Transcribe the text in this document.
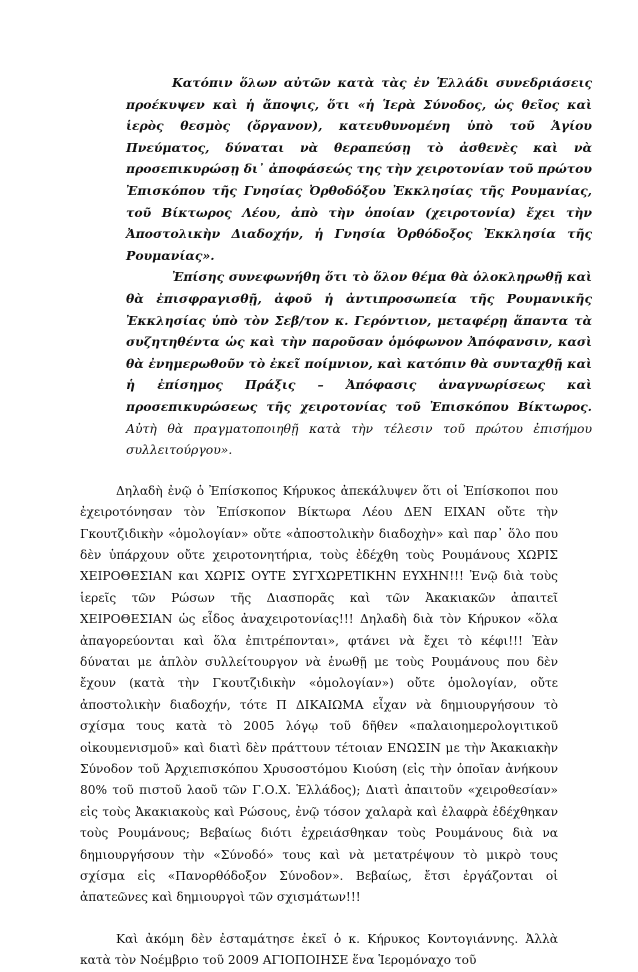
Κατόπιν ὅλων αὐτῶν κατὰ τὰς ἐν Ἑλλάδι συνεδριάσεις προέκυψεν καὶ ἡ ἄποψις, ὅτι «ἡ Ἱερὰ Σύνοδος, ὡς θεῖος καὶ ἱερὸς θεσμὸς (ὄργανον), κατευθυνομένη ὑπὸ τοῦ Ἁγίου Πνεύματος, δύναται νὰ θεραπεύσῃ τὸ ἀσθενὲς καὶ νὰ προσεπικυρώσῃ δι᾽ ἀποφάσεώς της τὴν χειροτονίαν τοῦ πρώτου Ἐπισκόπου τῆς Γνησίας Ὀρθοδόξου Ἐκκλησίας τῆς Ρουμανίας, τοῦ Βίκτωρος Λέου, ἀπὸ τὴν ὁποίαν (χειροτονία) ἔχει τὴν Ἀποστολικὴν Διαδοχήν, ἡ Γνησία Ὀρθόδοξος Ἐκκλησία τῆς Ρουμανίας».

Ἐπίσης συνεφωνήθη ὅτι τὸ ὅλον θέμα θὰ ὁλοκληρωθῇ καὶ θὰ ἐπισφραγισθῇ, ἀφοῦ ἡ ἀντιπροσωπεία τῆς Ρουμανικῆς Ἐκκλησίας ὑπὸ τὸν Σεβ/τον κ. Γερόντιον, μεταφέρῃ ἅπαντα τὰ συζητηθέντα ὡς καὶ τὴν παροῦσαν ὁμόφωνον Ἀπόφανσιν, κασὶ θὰ ἐνημερωθοῦν τὸ ἐκεῖ ποίμνιον, καὶ κατόπιν θὰ συνταχθῇ καὶ ἡ ἐπίσημος Πράξις – Ἀπόφασις ἀναγνωρίσεως καὶ προσεπικυρώσεως τῆς χειροτονίας τοῦ Ἐπισκόπου Βίκτωρος. Αὐτὴ θὰ πραγματοποιηθῇ κατὰ τὴν τέλεσιν τοῦ πρώτου ἐπισήμου συλλειτούργου».

Δηλαδὴ ἐνῷ ὁ Ἐπίσκοπος Κήρυκος ἀπεκάλυψεν ὅτι οἱ Ἐπίσκοποι που ἐχειροτόνησαν τὸν Ἐπίσκοπον Βίκτωρα Λέου ΔΕΝ ΕΙΧΑΝ οὔτε τὴν Γκουτζιδικὴν «ὁμολογίαν» οὔτε «ἀποστολικὴν διαδοχὴν» καὶ παρ᾽ ὅλο που δὲν ὑπάρχουν οὔτε χειροτονητήρια, τοὺς ἐδέχθη τοὺς Ρουμάνους ΧΩΡΙΣ ΧΕΙΡΟΘΕΣΙΑΝ και ΧΩΡΙΣ ΟΥΤΕ ΣΥΓΧΩΡΕΤΙΚΗΝ ΕΥΧΗΝ!!! Ἐνῷ διὰ τοὺς ἱερεῖς τῶν Ρώσων τῆς Διασπορᾶς καὶ τῶν Ἀκακιακῶν ἀπαιτεῖ ΧΕΙΡΟΘΕΣΙΑΝ ὡς εἶδος ἀναχειροτονίας!!! Δηλαδὴ διὰ τὸν Κήρυκον «ὅλα ἀπαγορεύονται καὶ ὅλα ἐπιτρέπονται», φτάνει νὰ ἔχει τὸ κέφι!!! Ἐὰν δύναται με ἁπλὸν συλλείτουργον νὰ ἑνωθῇ με τοὺς Ρουμάνους που δὲν ἔχουν (κατὰ τὴν Γκουτζιδικὴν «ὁμολογίαν») οὔτε ὁμολογίαν, οὔτε ἀποστολικὴν διαδοχήν, τότε Π ΔΙΚΑΙΩΜΑ εἶχαν νὰ δημιουργήσουν τὸ σχίσμα τους κατὰ τὸ 2005 λόγῳ τοῦ δῆθεν «παλαιοημερολογιτικοῦ οἰκουμενισμοῦ» καὶ διατὶ δὲν πράττουν τέτοιαν ΕΝΩΣΙΝ με τὴν Ἀκακιακὴν Σύνοδον τοῦ Ἀρχιεπισκόπου Χρυσοστόμου Κιούση (εἰς τὴν ὁποῖαν ἀνήκουν 80% τοῦ πιστοῦ λαοῦ τῶν Γ.Ο.Χ. Ἑλλάδος); Διατὶ ἀπαιτοῦν «χειροθεσίαν» εἰς τοὺς Ἀκακιακοὺς καὶ Ρώσους, ἐνῷ τόσον χαλαρὰ καὶ ἐλαφρὰ ἐδέχθηκαν τοὺς Ρουμάνους; Βεβαίως διότι ἐχρειάσθηκαν τοὺς Ρουμάνους διὰ να δημιουργήσουν τὴν «Σύνοδό» τους καὶ νὰ μετατρέψουν τὸ μικρὸ τους σχίσμα εἰς «Πανορθόδοξον Σύνοδον». Βεβαίως, ἔτσι ἐργάζονται οἱ ἀπατεῶνες καὶ δημιουργοὶ τῶν σχισμάτων!!!

Καὶ ἀκόμη δὲν ἐσταμάτησε ἐκεῖ ὁ κ. Κήρυκος Κοντογιάννης. Ἀλλὰ κατὰ τὸν Νοέμβριο τοῦ 2009 ΑΓΙΟΠΟΙΗΣΕ ἕνα Ἱερομόναχο τοῦ
